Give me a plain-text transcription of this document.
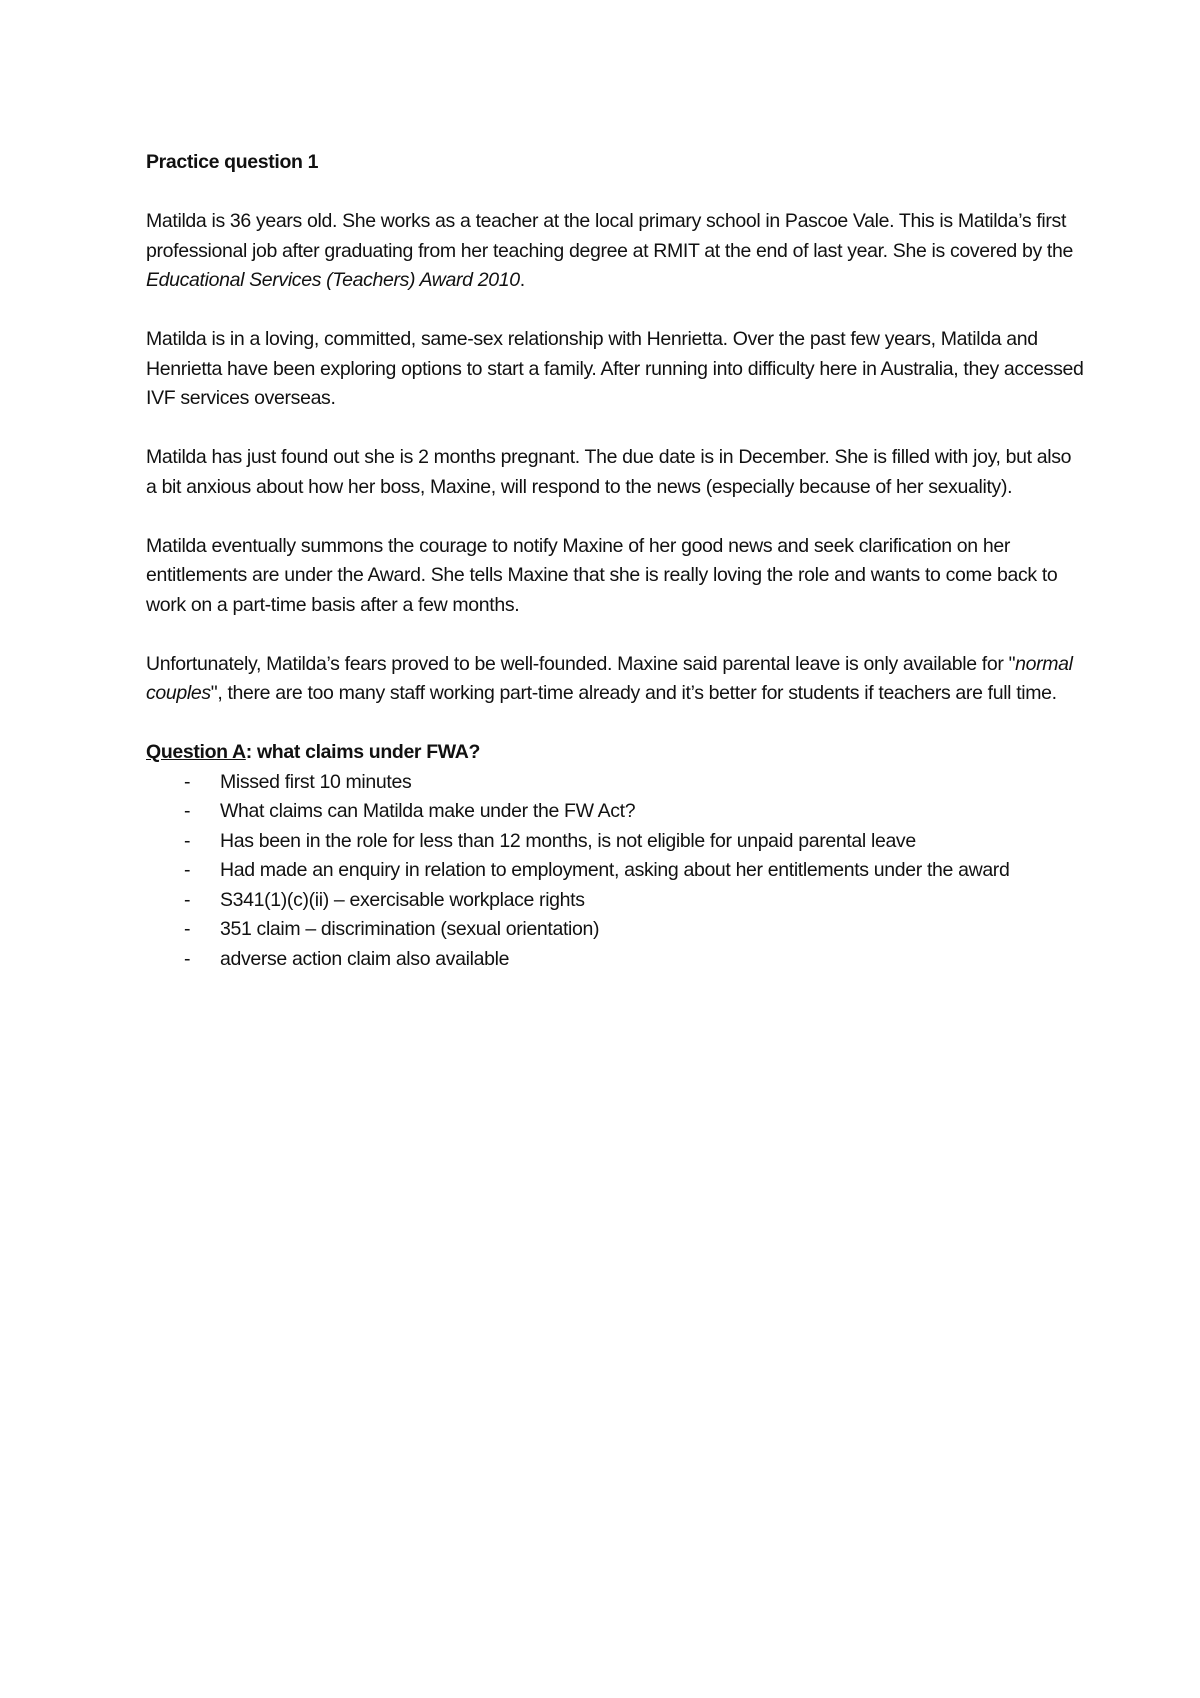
Practice question 1

Matilda is 36 years old. She works as a teacher at the local primary school in Pascoe Vale. This is Matilda’s first professional job after graduating from her teaching degree at RMIT at the end of last year. She is covered by the Educational Services (Teachers) Award 2010.

Matilda is in a loving, committed, same-sex relationship with Henrietta. Over the past few years, Matilda and Henrietta have been exploring options to start a family. After running into difficulty here in Australia, they accessed IVF services overseas.

Matilda has just found out she is 2 months pregnant. The due date is in December. She is filled with joy, but also a bit anxious about how her boss, Maxine, will respond to the news (especially because of her sexuality).

Matilda eventually summons the courage to notify Maxine of her good news and seek clarification on her entitlements are under the Award. She tells Maxine that she is really loving the role and wants to come back to work on a part-time basis after a few months.

Unfortunately, Matilda’s fears proved to be well-founded. Maxine said parental leave is only available for "normal couples", there are too many staff working part-time already and it’s better for students if teachers are full time.

Question A: what claims under FWA?

- Missed first 10 minutes
- What claims can Matilda make under the FW Act?
- Has been in the role for less than 12 months, is not eligible for unpaid parental leave
- Had made an enquiry in relation to employment, asking about her entitlements under the award
- S341(1)(c)(ii) – exercisable workplace rights
- 351 claim – discrimination (sexual orientation)
- adverse action claim also available
